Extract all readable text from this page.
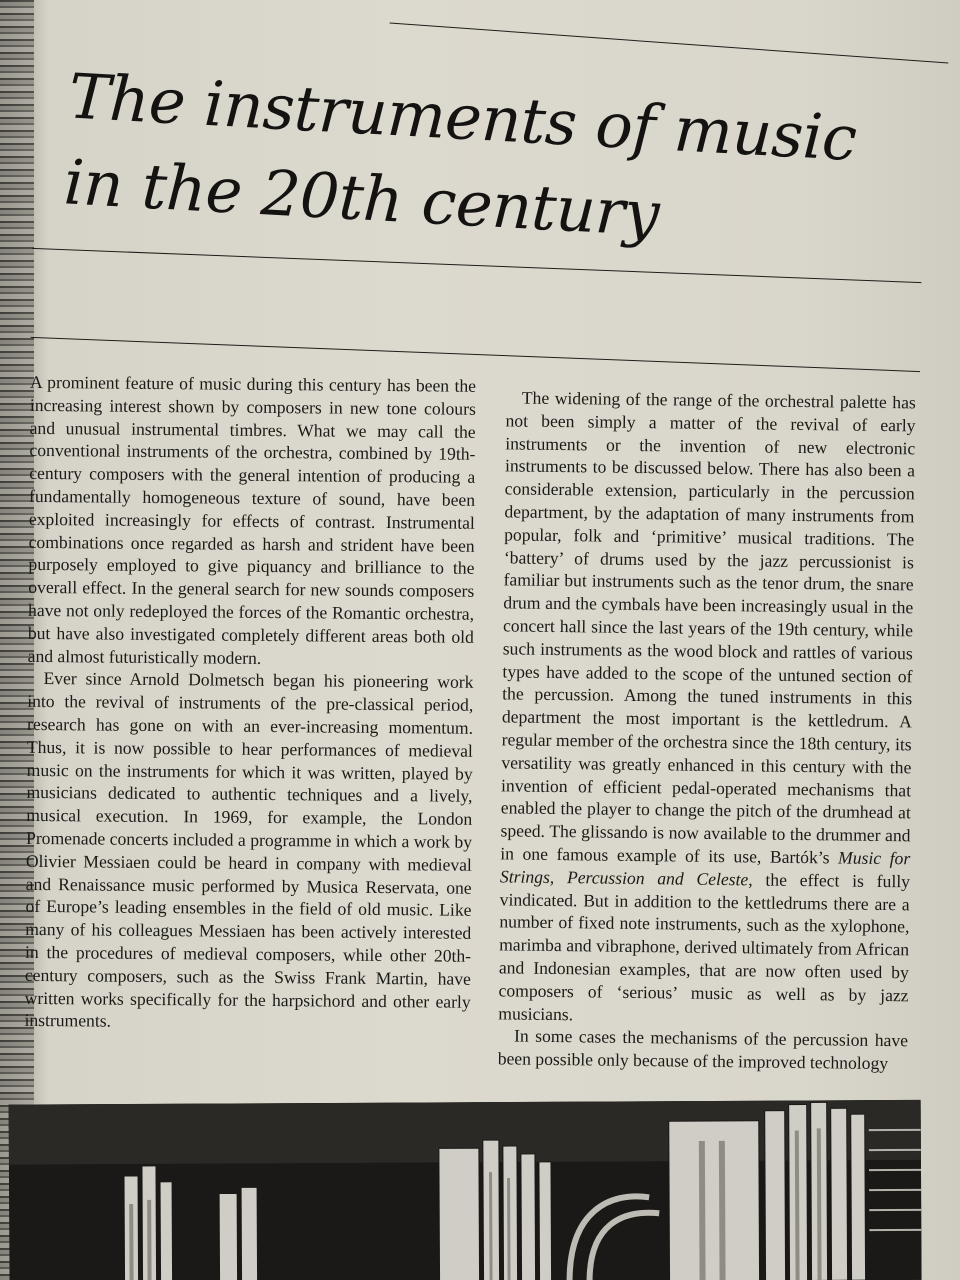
The instruments of music
in the 20th century

A prominent feature of music during this century has been the increasing interest shown by composers in new tone colours and unusual instrumental timbres. What we may call the conventional instruments of the orchestra, combined by 19th-century composers with the general intention of producing a fundamentally homogeneous texture of sound, have been exploited increasingly for effects of contrast. Instrumental combinations once regarded as harsh and strident have been purposely employed to give piquancy and brilliance to the overall effect. In the general search for new sounds composers have not only redeployed the forces of the Romantic orchestra, but have also investigated completely different areas both old and almost futuristically modern.

Ever since Arnold Dolmetsch began his pioneering work into the revival of instruments of the pre-classical period, research has gone on with an ever-increasing momentum. Thus, it is now possible to hear performances of medieval music on the instruments for which it was written, played by musicians dedicated to authentic techniques and a lively, musical execution. In 1969, for example, the London Promenade concerts included a programme in which a work by Olivier Messiaen could be heard in company with medieval and Renaissance music performed by Musica Reservata, one of Europe’s leading ensembles in the field of old music. Like many of his colleagues Messiaen has been actively interested in the procedures of medieval composers, while other 20th-century composers, such as the Swiss Frank Martin, have written works specifically for the harpsichord and other early instruments.

The widening of the range of the orchestral palette has not been simply a matter of the revival of early instruments or the invention of new electronic instruments to be discussed below. There has also been a considerable extension, particularly in the percussion department, by the adaptation of many instruments from popular, folk and ‘primitive’ musical traditions. The ‘battery’ of drums used by the jazz percussionist is familiar but instruments such as the tenor drum, the snare drum and the cymbals have been increasingly usual in the concert hall since the last years of the 19th century, while such instruments as the wood block and rattles of various types have added to the scope of the untuned section of the percussion. Among the tuned instruments in this department the most important is the kettledrum. A regular member of the orchestra since the 18th century, its versatility was greatly enhanced in this century with the invention of efficient pedal-operated mechanisms that enabled the player to change the pitch of the drumhead at speed. The glissando is now available to the drummer and in one famous example of its use, Bartók’s Music for Strings, Percussion and Celeste, the effect is fully vindicated. But in addition to the kettledrums there are a number of fixed note instruments, such as the xylophone, marimba and vibraphone, derived ultimately from African and Indonesian examples, that are now often used by composers of ‘serious’ music as well as by jazz musicians.

In some cases the mechanisms of the percussion have been possible only because of the improved technology
